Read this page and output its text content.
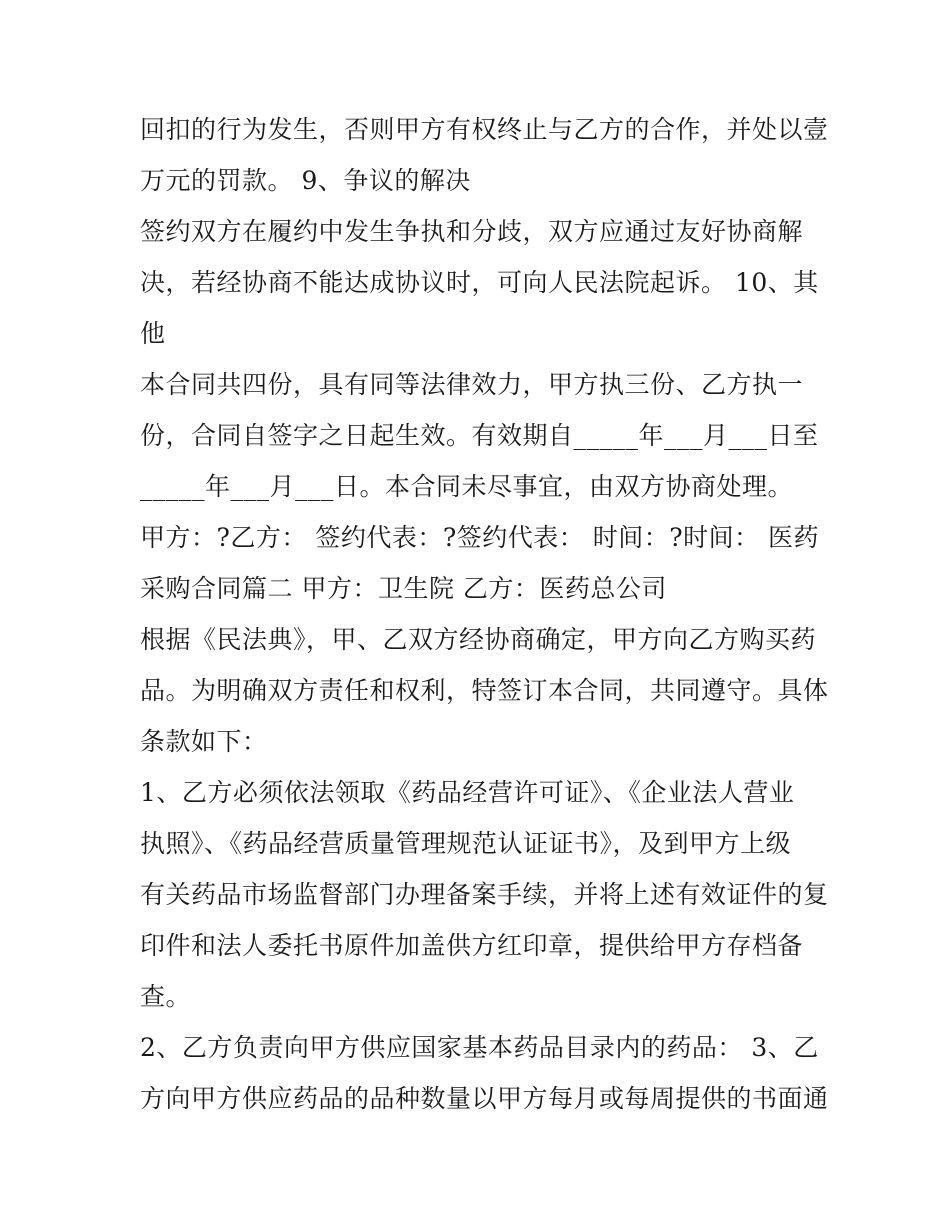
回扣的行为发生，否则甲方有权终止与乙方的合作，并处以壹
万元的罚款。 9、争议的解决
签约双方在履约中发生争执和分歧，双方应通过友好协商解
决，若经协商不能达成协议时，可向人民法院起诉。 10、其
他
本合同共四份，具有同等法律效力，甲方执三份、乙方执一
份，合同自签字之日起生效。有效期自_____年___月___日至
_____年___月___日。本合同未尽事宜，由双方协商处理。
甲方：?乙方： 签约代表：?签约代表： 时间：?时间： 医药
采购合同篇二 甲方：卫生院 乙方：医药总公司
根据《民法典》，甲、乙双方经协商确定，甲方向乙方购买药
品。为明确双方责任和权利，特签订本合同，共同遵守。具体
条款如下：
1、乙方必须依法领取《药品经营许可证》、《企业法人营业
执照》、《药品经营质量管理规范认证证书》，及到甲方上级
有关药品市场监督部门办理备案手续，并将上述有效证件的复
印件和法人委托书原件加盖供方红印章，提供给甲方存档备
查。
2、乙方负责向甲方供应国家基本药品目录内的药品： 3、乙
方向甲方供应药品的品种数量以甲方每月或每周提供的书面通
